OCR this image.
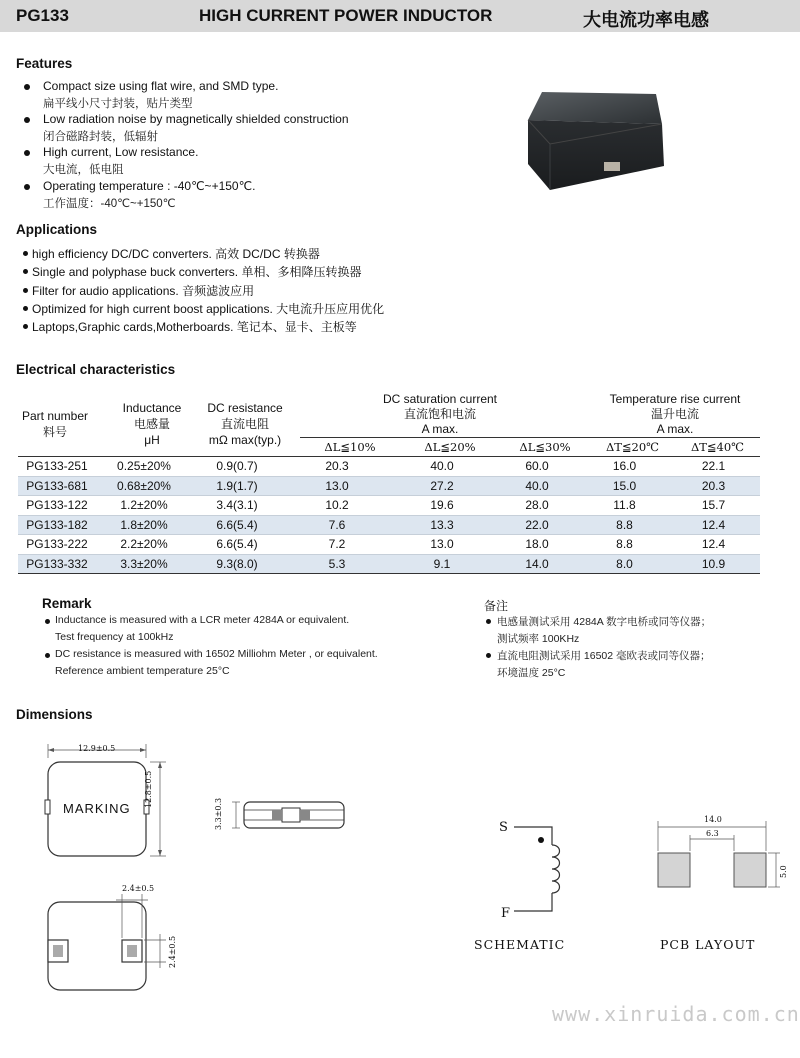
PG133	HIGH CURRENT POWER INDUCTOR	大电流功率电感
Features
Compact size using flat wire, and SMD type.
扁平线小尺寸封装，贴片类型
Low radiation noise by magnetically shielded construction
闭合磁路封装，低辐射
High current, Low resistance.
大电流，低电阻
Operating temperature : -40℃~+150℃.
工作温度：-40℃~+150℃
Applications
high efficiency DC/DC converters. 高效 DC/DC 转换器
Single and polyphase buck converters. 单相、多相降压转换器
Filter for audio applications. 音频滤波应用
Optimized for high current boost applications. 大电流升压应用优化
Laptops,Graphic cards,Motherboards. 笔记本、显卡、主板等
Electrical characteristics
Part number
料号
Inductance
电感量
μH
DC resistance
直流电阻
mΩ max(typ.)
DC saturation current
直流饱和电流
A max.
Temperature rise current
温升电流
A max.
ΔL≦10%	ΔL≦20%	ΔL≦30%	ΔT≦20℃	ΔT≦40℃
PG133-251	0.25±20%	0.9(0.7)	20.3	40.0	60.0	16.0	22.1
PG133-681	0.68±20%	1.9(1.7)	13.0	27.2	40.0	15.0	20.3
PG133-122	1.2±20%	3.4(3.1)	10.2	19.6	28.0	11.8	15.7
PG133-182	1.8±20%	6.6(5.4)	7.6	13.3	22.0	8.8	12.4
PG133-222	2.2±20%	6.6(5.4)	7.2	13.0	18.0	8.8	12.4
PG133-332	3.3±20%	9.3(8.0)	5.3	9.1	14.0	8.0	10.9
Remark
Inductance is measured with a LCR meter 4284A or equivalent.
Test frequency at 100kHz
DC resistance is measured with 16502 Milliohm Meter , or equivalent.
Reference ambient temperature 25°C
备注
电感量测试采用 4284A 数字电桥或同等仪器；
测试频率 100KHz
直流电阻测试采用 16502 毫欧表或同等仪器；
环境温度 25°C
Dimensions
12.9±0.5
12.8±0.5
MARKING	3.3±0.3
2.4±0.5
2.4±0.5
S
F
SCHEMATIC
14.0
6.3
5.0
PCB LAYOUT
www.xinruida.com.cn
